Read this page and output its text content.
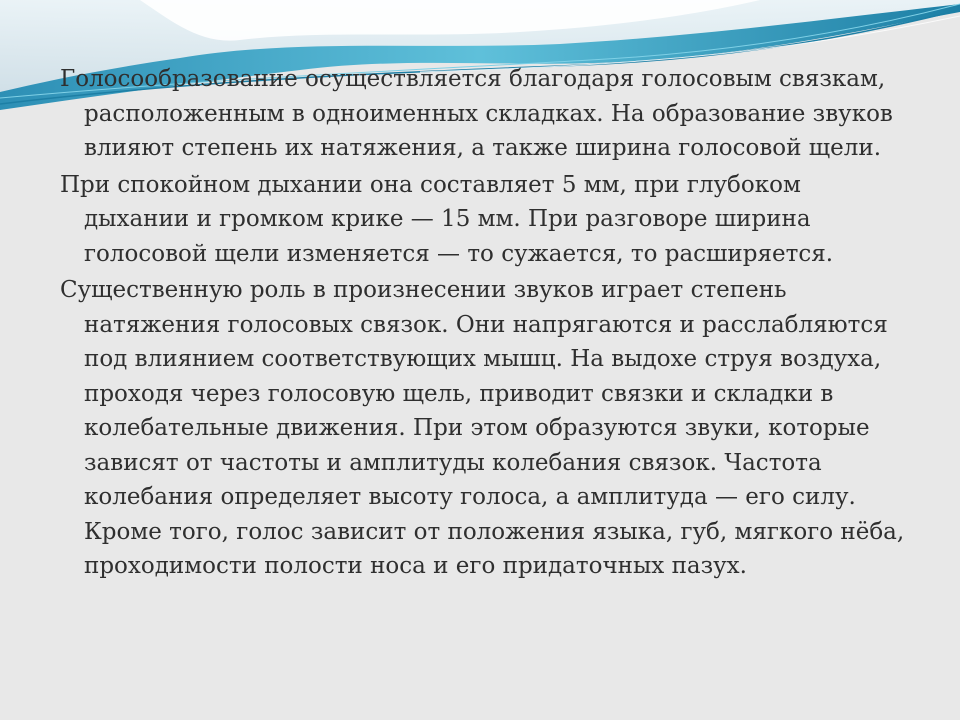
Голосообразование осуществляется благодаря голосовым связкам, расположенным в одноименных складках. На образование звуков влияют степень их натяжения, а также ширина голосовой щели.

При спокойном дыхании она составляет 5 мм, при глубоком дыхании и громком крике — 15 мм. При разговоре ширина голосовой щели изменяется — то сужается, то расширяется.

Существенную роль в произнесении звуков играет степень натяжения голосовых связок. Они напрягаются и расслабляются под влиянием соответствующих мышц. На выдохе струя воздуха, проходя через голосовую щель, приводит связки и складки в колебательные движения. При этом образуются звуки, которые зависят от частоты и амплитуды колебания связок. Частота колебания определяет высоту голоса, а амплитуда — его силу. Кроме того, голос зависит от положения языка, губ, мягкого нёба, проходимости полости носа и его придаточных пазух.
